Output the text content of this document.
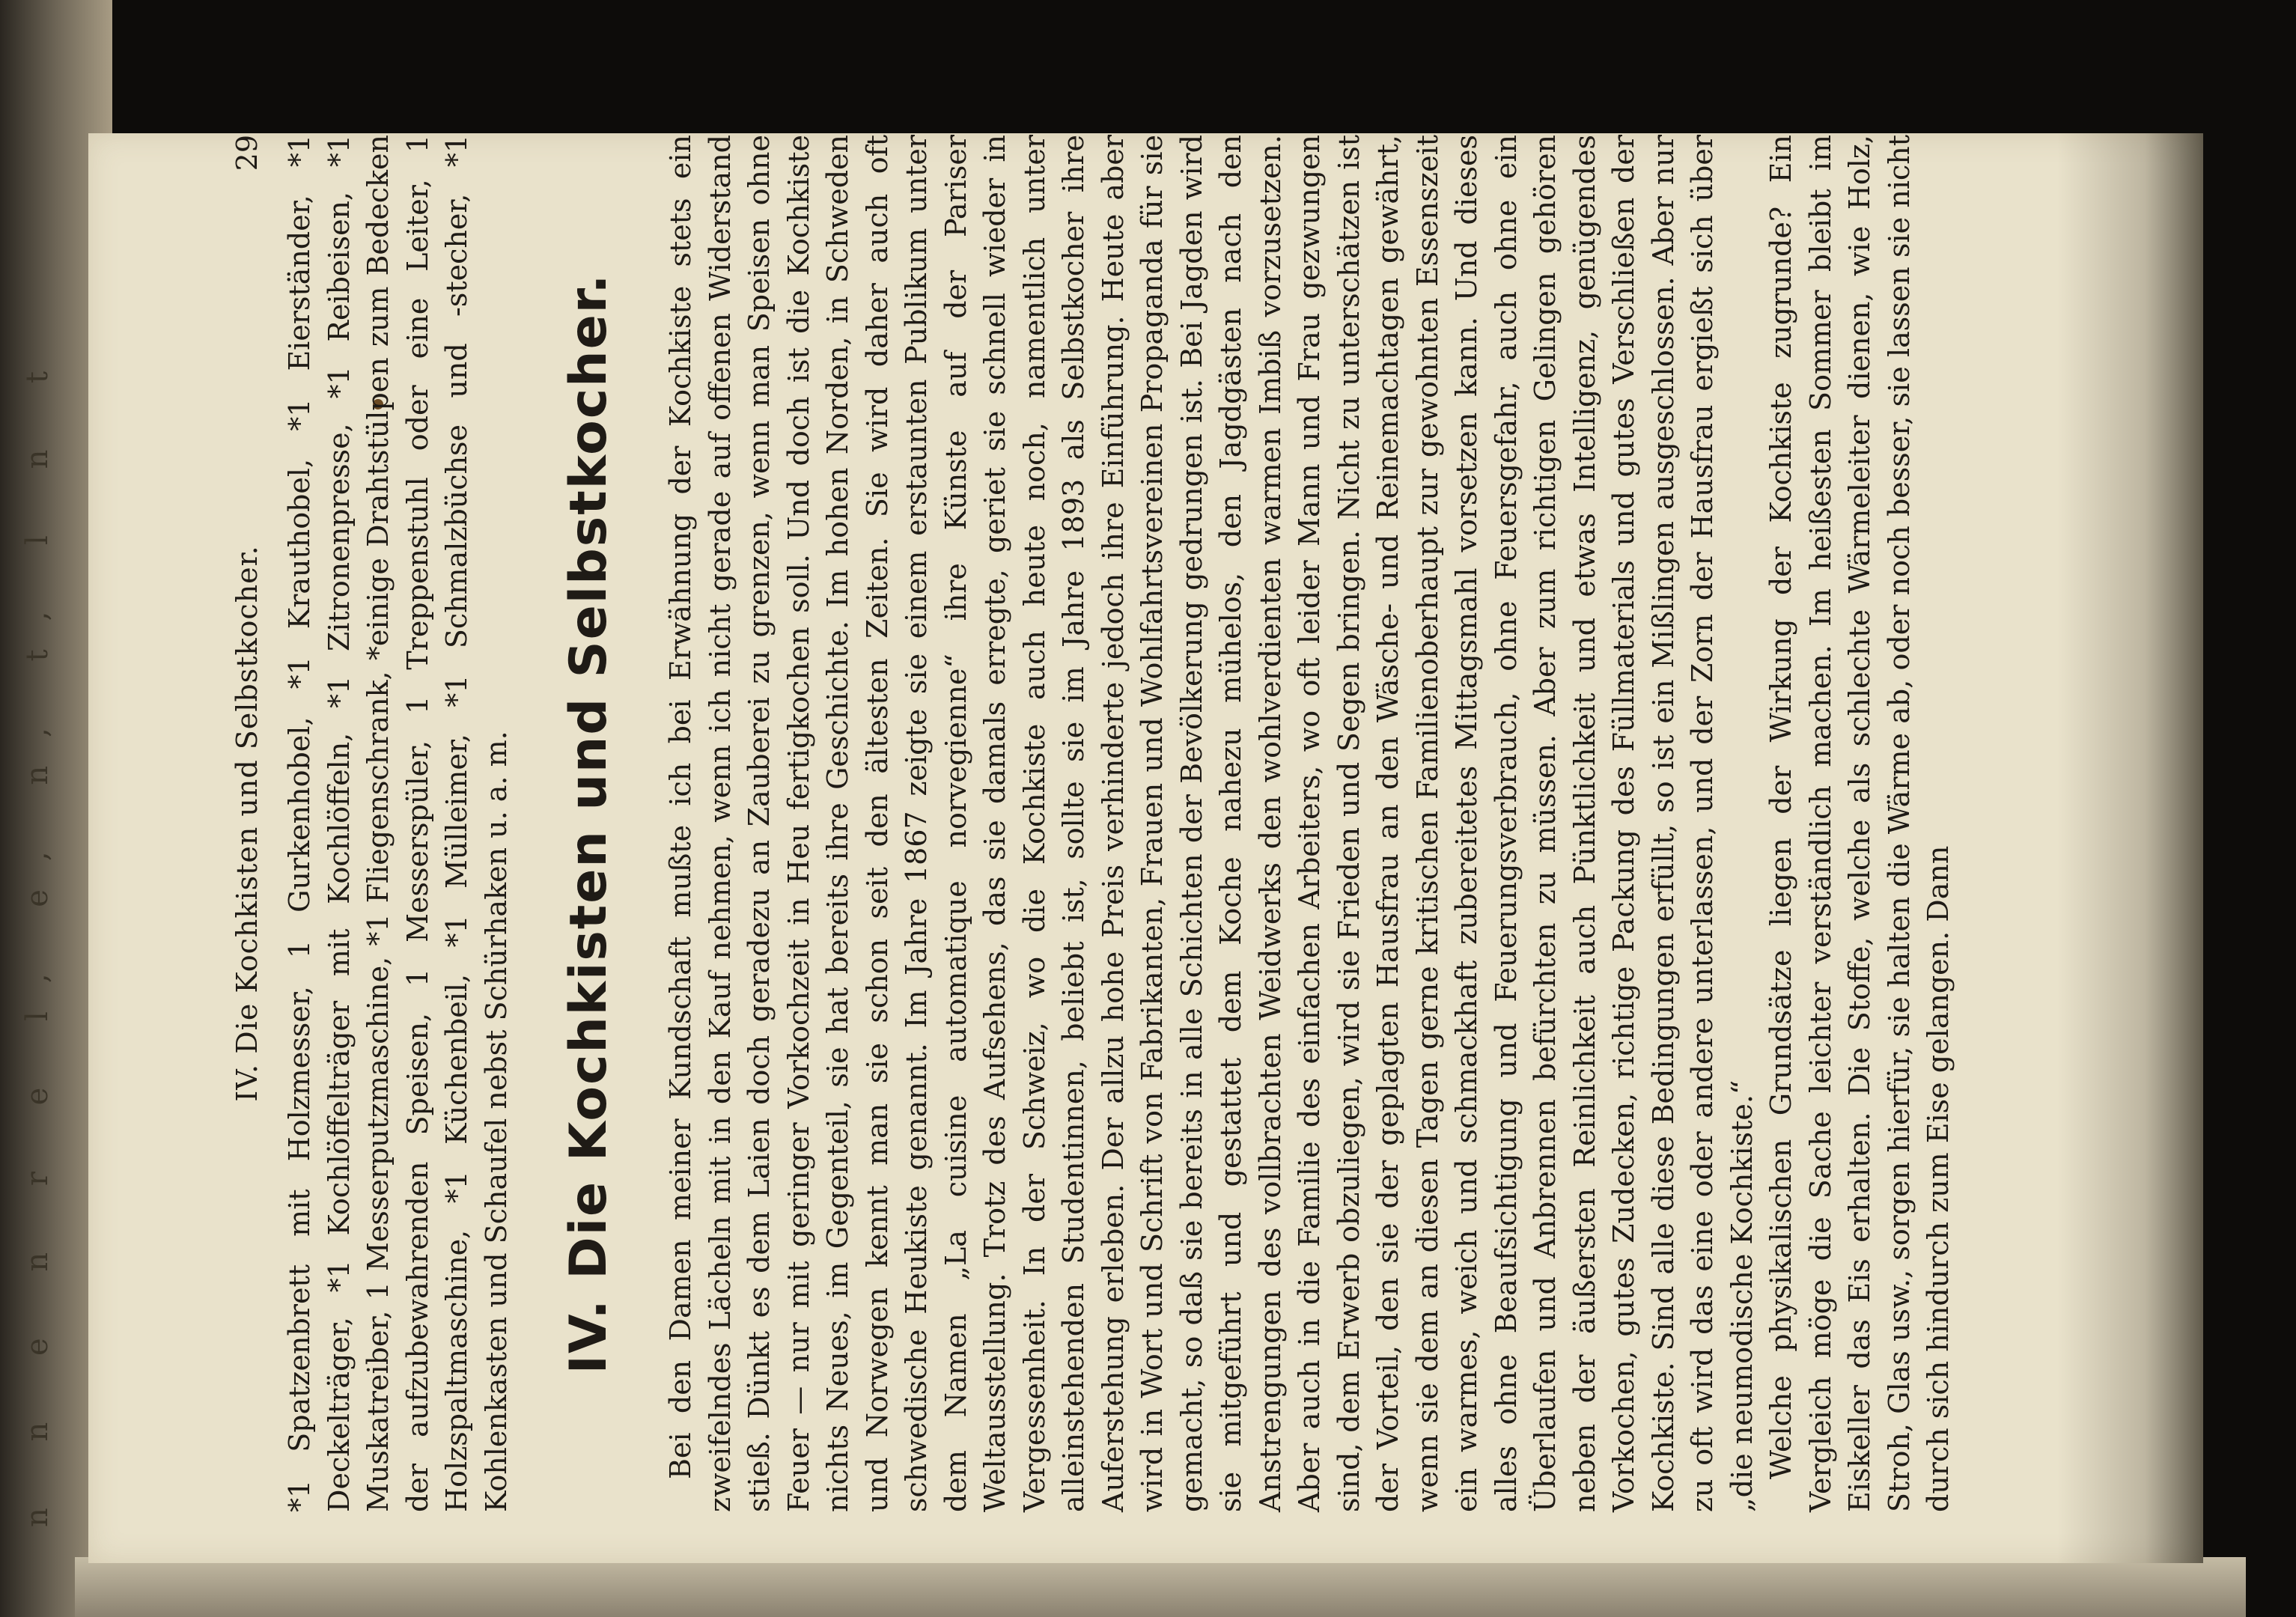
n n e n r e l, e, n, t, l n t	IV. Die Kochkisten und Selbstkocher.
29 *1 Spatzenbrett mit Holzmesser, 1 Gurkenhobel, *1 Krauthobel, *1 Eierständer, *1 Deckelträger, *1 Kochlöffelträger mit Kochlöffeln, *1 Zitronenpresse, *1 Reibeisen, *1 Muskatreiber, 1 Messerputzmaschine, *1 Fliegenschrank, *einige Drahtstülpen zum Bedecken der aufzubewahrenden Speisen, 1 Messerspüler, 1 Treppenstuhl oder eine Leiter, 1 Holzspaltmaschine, *1 Küchenbeil, *1 Mülleimer, *1 Schmalzbüchse und -stecher, *1 Kohlenkasten und Schaufel nebst Schürhaken u. a. m. IV. Die Kochkisten und Selbstkocher. Bei den Damen meiner Kundschaft mußte ich bei Erwähnung der Kochkiste stets ein zweifelndes Lächeln mit in den Kauf nehmen, wenn ich nicht gerade auf offenen Widerstand stieß. Dünkt es dem Laien doch geradezu an Zauberei zu grenzen, wenn man Speisen ohne Feuer — nur mit geringer Vorkochzeit in Heu fertigkochen soll. Und doch ist die Kochkiste nichts Neues, im Gegenteil, sie hat bereits ihre Geschichte. Im hohen Norden, in Schweden und Norwegen kennt man sie schon seit den ältesten Zeiten. Sie wird daher auch oft schwedische Heukiste genannt. Im Jahre 1867 zeigte sie einem erstaunten Publikum unter dem Namen „La cuisine automatique norvegienne“ ihre Künste auf der Pariser Weltausstellung. Trotz des Aufsehens, das sie damals erregte, geriet sie schnell wieder in Vergessenheit. In der Schweiz, wo die Kochkiste auch heute noch, namentlich unter alleinstehenden Studentinnen, beliebt ist, sollte sie im Jahre 1893 als Selbstkocher ihre Auferstehung erleben. Der allzu hohe Preis verhinderte jedoch ihre Einführung. Heute aber wird in Wort und Schrift von Fabrikanten, Frauen und Wohlfahrtsvereinen Propaganda für sie gemacht, so daß sie bereits in alle Schichten der Bevölkerung gedrungen ist. Bei Jagden wird sie mitgeführt und gestattet dem Koche nahezu mühelos, den Jagdgästen nach den Anstrengungen des vollbrachten Weidwerks den wohlverdienten warmen Imbiß vorzusetzen. Aber auch in die Familie des einfachen Arbeiters, wo oft leider Mann und Frau gezwungen sind, dem Erwerb obzuliegen, wird sie Frieden und Segen bringen. Nicht zu unterschätzen ist der Vorteil, den sie der geplagten Hausfrau an den Wäsche- und Reinemachtagen gewährt, wenn sie dem an diesen Tagen gerne kritischen Familienoberhaupt zur gewohnten Essenszeit ein warmes, weich und schmackhaft zubereitetes Mittagsmahl vorsetzen kann. Und dieses alles ohne Beaufsichtigung und Feuerungsverbrauch, ohne Feuersgefahr, auch ohne ein Überlaufen und Anbrennen befürchten zu müssen. Aber zum richtigen Gelingen gehören neben der äußersten Reinlichkeit auch Pünktlichkeit und etwas Intelligenz, genügendes Vorkochen, gutes Zudecken, richtige Packung des Füllmaterials und gutes Verschließen der Kochkiste. Sind alle diese Bedingungen erfüllt, so ist ein Mißlingen ausgeschlossen. Aber nur zu oft wird das eine oder andere unterlassen, und der Zorn der Hausfrau ergießt sich über „die neumodische Kochkiste.“ Welche physikalischen Grundsätze liegen der Wirkung der Kochkiste zugrunde? Ein Vergleich möge die Sache leichter verständlich machen. Im heißesten Sommer bleibt im Eiskeller das Eis erhalten. Die Stoffe, welche als schlechte Wärmeleiter dienen, wie Holz, Stroh, Glas usw., sorgen hierfür, sie halten die Wärme ab, oder noch besser, sie lassen sie nicht durch sich hindurch zum Eise gelangen. Dann
